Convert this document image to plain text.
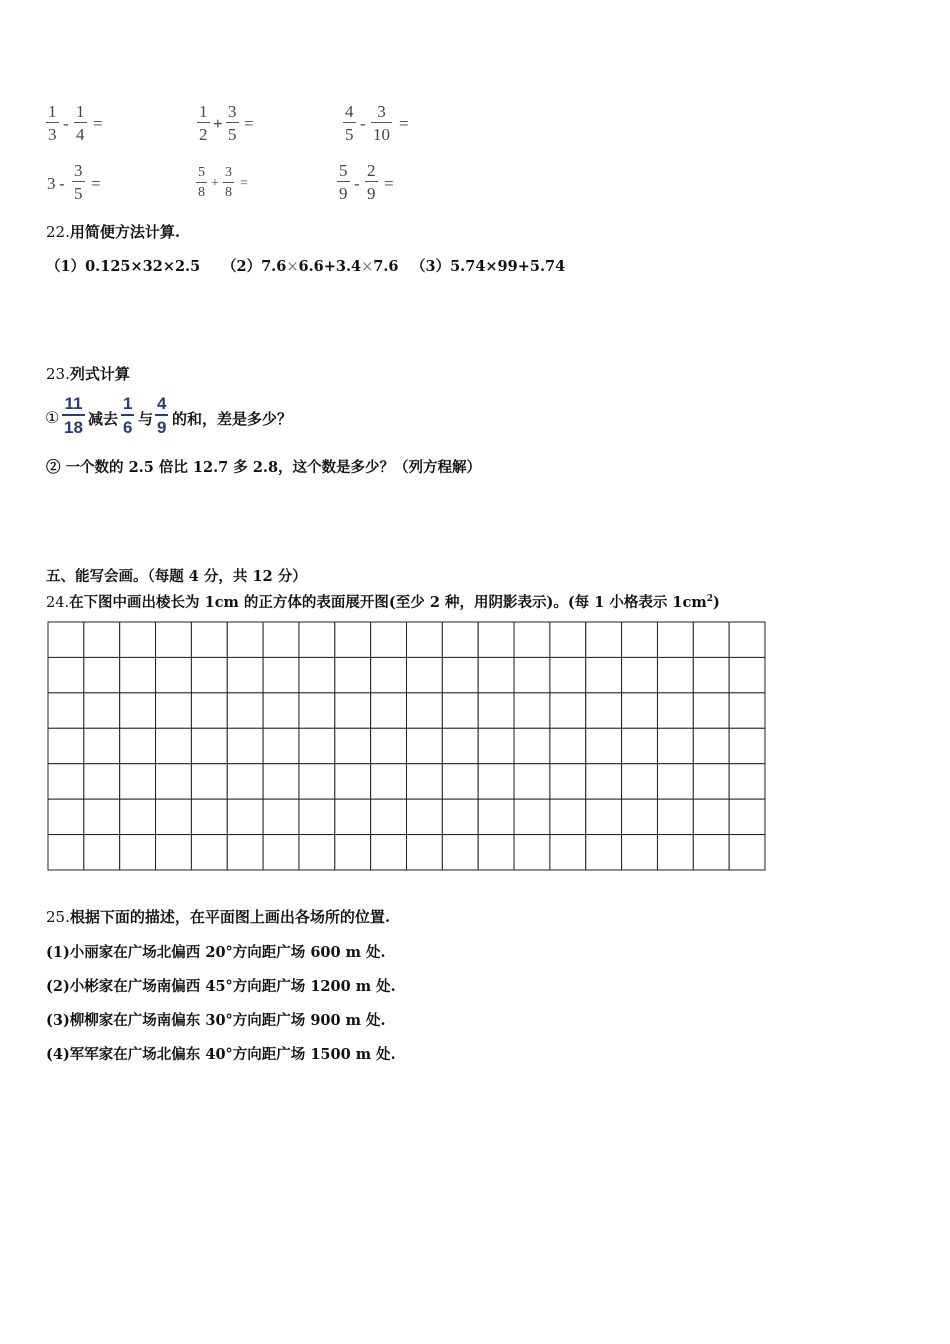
1
3
-
1
4
=
1
2
+
3
5
=
4
5
-
3
10
=
3 -
3
5
=
5
8
+
3
8
=
5
9
-
2
9
=
22.用简便方法计算.
（1）0.125×32×2.5 （2）7.6×6.6+3.4×7.6 （3）5.74×99+5.74
23.列式计算
①
11
18 减去
1
6 与
4
9 的和，差是多少？
② 一个数的 2.5 倍比 12.7 多 2.8，这个数是多少？（列方程解）
五、能写会画。（每题 4 分，共 12 分）
24.在下图中画出棱长为 1cm 的正方体的表面展开图(至少 2 种，用阴影表示)。(每 1 小格表示 $1cm^2$)
25.根据下面的描述，在平面图上画出各场所的位置.
(1)小丽家在广场北偏西 20°方向距广场 600 m 处.
(2)小彬家在广场南偏西 45°方向距广场 1200 m 处.
(3)柳柳家在广场南偏东 30°方向距广场 900 m 处.
(4)军军家在广场北偏东 40°方向距广场 1500 m 处.
